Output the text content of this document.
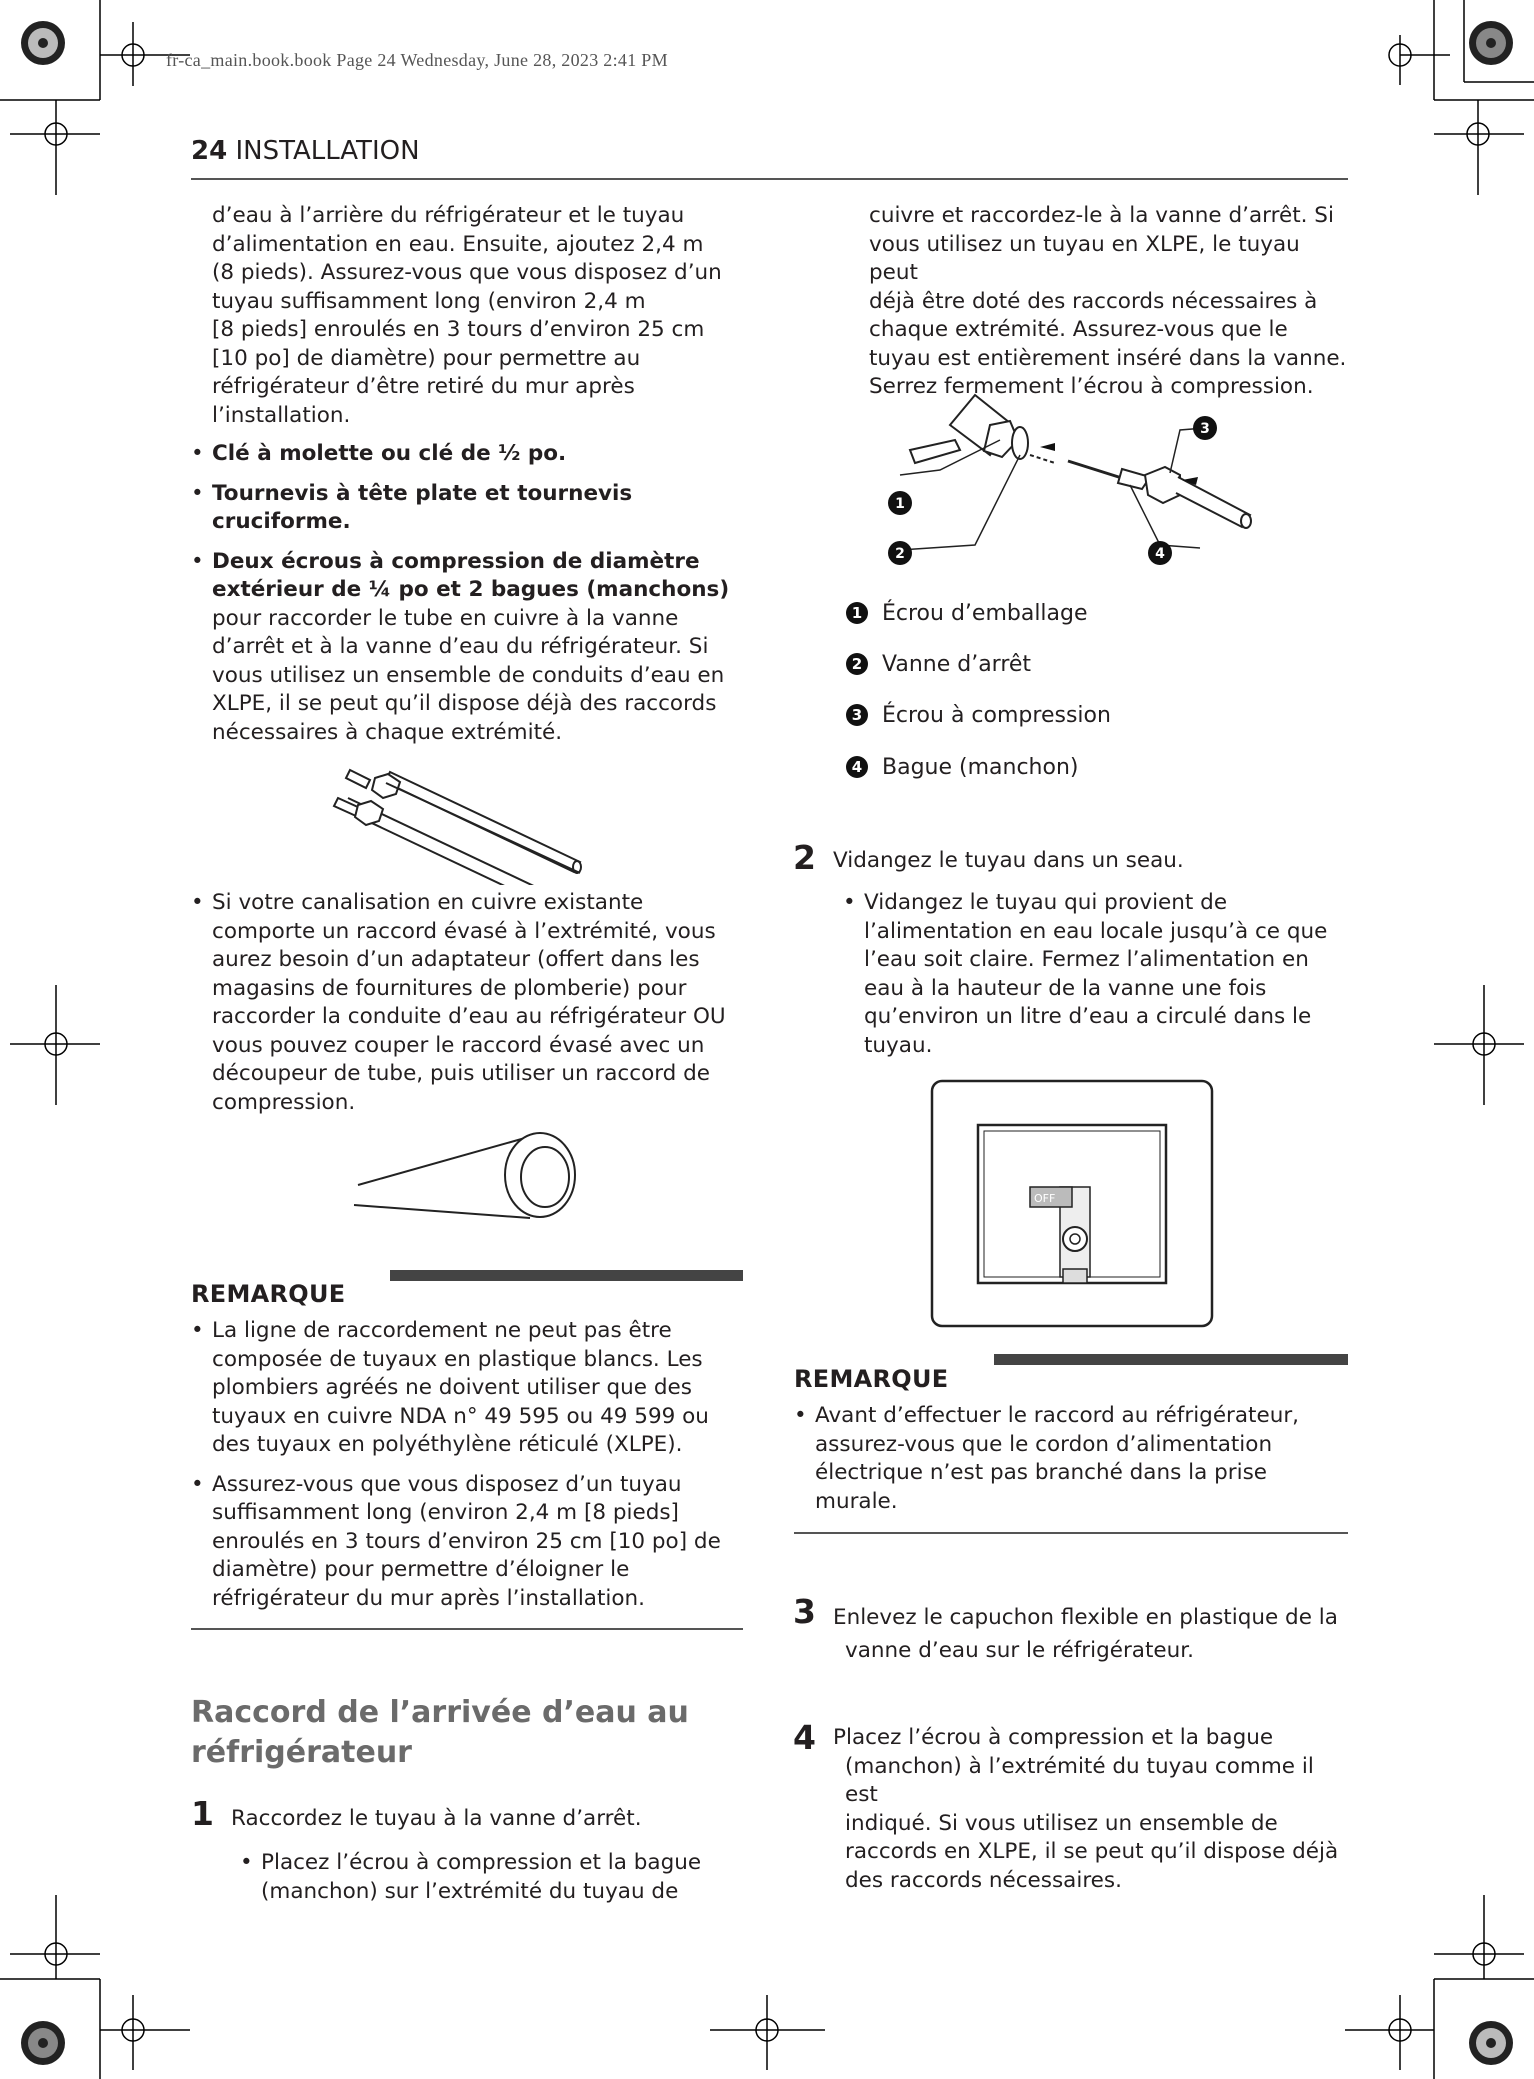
fr-ca_main.book.book Page 24 Wednesday, June 28, 2023 2:41 PM
24 INSTALLATION
d’eau à l’arrière du réfrigérateur et le tuyau
d’alimentation en eau. Ensuite, ajoutez 2,4 m
(8 pieds). Assurez-vous que vous disposez d’un
tuyau suffisamment long (environ 2,4 m
[8 pieds] enroulés en 3 tours d’environ 25 cm
[10 po] de diamètre) pour permettre au
réfrigérateur d’être retiré du mur après
l’installation.
• Clé à molette ou clé de ½ po.
• Tournevis à tête plate et tournevis
cruciforme.
• Deux écrous à compression de diamètre
extérieur de ¼ po et 2 bagues (manchons)
pour raccorder le tube en cuivre à la vanne
d’arrêt et à la vanne d’eau du réfrigérateur. Si
vous utilisez un ensemble de conduits d’eau en
XLPE, il se peut qu’il dispose déjà des raccords
nécessaires à chaque extrémité.
• Si votre canalisation en cuivre existante
comporte un raccord évasé à l’extrémité, vous
aurez besoin d’un adaptateur (offert dans les
magasins de fournitures de plomberie) pour
raccorder la conduite d’eau au réfrigérateur OU
vous pouvez couper le raccord évasé avec un
découpeur de tube, puis utiliser un raccord de
compression.
REMARQUE
• La ligne de raccordement ne peut pas être
composée de tuyaux en plastique blancs. Les
plombiers agréés ne doivent utiliser que des
tuyaux en cuivre NDA n° 49 595 ou 49 599 ou
des tuyaux en polyéthylène réticulé (XLPE).
• Assurez-vous que vous disposez d’un tuyau
suffisamment long (environ 2,4 m [8 pieds]
enroulés en 3 tours d’environ 25 cm [10 po] de
diamètre) pour permettre d’éloigner le
réfrigérateur du mur après l’installation.
Raccord de l’arrivée d’eau au
réfrigérateur
1 Raccordez le tuyau à la vanne d’arrêt.
• Placez l’écrou à compression et la bague
(manchon) sur l’extrémité du tuyau de
cuivre et raccordez-le à la vanne d’arrêt. Si
vous utilisez un tuyau en XLPE, le tuyau peut
déjà être doté des raccords nécessaires à
chaque extrémité. Assurez-vous que le
tuyau est entièrement inséré dans la vanne.
Serrez fermement l’écrou à compression.
1
2
3
4
1 Écrou d’emballage
2 Vanne d’arrêt
3 Écrou à compression
4 Bague (manchon)
2 Vidangez le tuyau dans un seau.
• Vidangez le tuyau qui provient de
l’alimentation en eau locale jusqu’à ce que
l’eau soit claire. Fermez l’alimentation en
eau à la hauteur de la vanne une fois
qu’environ un litre d’eau a circulé dans le
tuyau.
OFF
REMARQUE
• Avant d’effectuer le raccord au réfrigérateur,
assurez-vous que le cordon d’alimentation
électrique n’est pas branché dans la prise
murale.
3 Enlevez le capuchon flexible en plastique de la
vanne d’eau sur le réfrigérateur.
4 Placez l’écrou à compression et la bague
(manchon) à l’extrémité du tuyau comme il est
indiqué. Si vous utilisez un ensemble de
raccords en XLPE, il se peut qu’il dispose déjà
des raccords nécessaires.
